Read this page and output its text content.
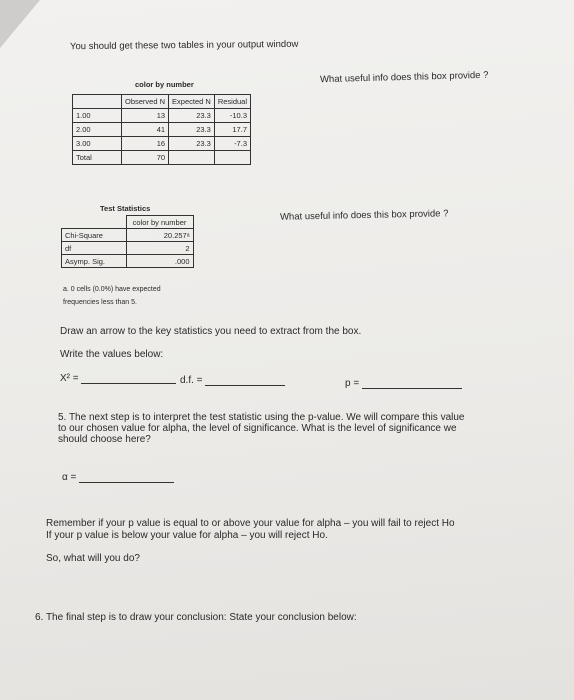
You should get these two tables in your output window
What useful info does this box provide ?
color by number
	Observed N	Expected N	Residual
1.00	13	23.3	-10.3
2.00	41	23.3	17.7
3.00	16	23.3	-7.3
Total	70		
Test Statistics
	color by number
Chi-Square	20.257ᵃ
df	2
Asymp. Sig.	.000
a. 0 cells (0.0%) have expected
frequencies less than 5.
What useful info does this box provide ?
Draw an arrow to the key statistics you need to extract from the box.
Write the values below:
X² =	d.f. =	p =
5. The next step is to interpret the test statistic using the p-value. We will compare this value
to our chosen value for alpha, the level of significance. What is the level of significance we
should choose here?
α =
Remember if your p value is equal to or above your value for alpha – you will fail to reject Ho
If your p value is below your value for alpha – you will reject Ho.
So, what will you do?
6. The final step is to draw your conclusion: State your conclusion below:
